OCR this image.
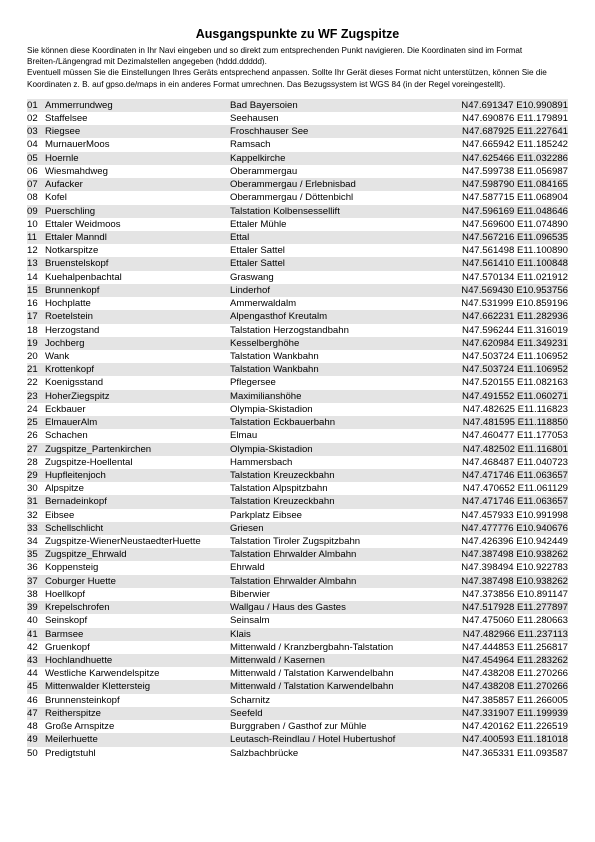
Ausgangspunkte zu WF Zugspitze

Sie können diese Koordinaten in Ihr Navi eingeben und so direkt zum entsprechenden Punkt navigieren. Die Koordinaten sind im Format Breiten-/Längengrad mit Dezimalstellen angegeben (hddd.ddddd).

Eventuell müssen Sie die Einstellungen Ihres Geräts entsprechend anpassen. Sollte Ihr Gerät dieses Format nicht unterstützen, können Sie die Koordinaten z. B. auf gpso.de/maps in ein anderes Format umrechnen. Das Bezugssystem ist WGS 84 (in der Regel voreingestellt).

01	Ammerrundweg	Bad Bayersoien	N47.691347 E10.990891
02	Staffelsee	Seehausen	N47.690876 E11.179891
03	Riegsee	Froschhauser See	N47.687925 E11.227641
04	MurnauerMoos	Ramsach	N47.665942 E11.185242
05	Hoernle	Kappelkirche	N47.625466 E11.032286
06	Wiesmahdweg	Oberammergau	N47.599738 E11.056987
07	Aufacker	Oberammergau / Erlebnisbad	N47.598790 E11.084165
08	Kofel	Oberammergau / Döttenbichl	N47.587715 E11.068904
09	Puerschling	Talstation Kolbensessellift	N47.596169 E11.048646
10	Ettaler Weidmoos	Ettaler Mühle	N47.569600 E11.074890
11	Ettaler Manndl	Ettal	N47.567216 E11.096535
12	Notkarspitze	Ettaler Sattel	N47.561498 E11.100890
13	Bruenstelskopf	Ettaler Sattel	N47.561410 E11.100848
14	Kuehalpenbachtal	Graswang	N47.570134 E11.021912
15	Brunnenkopf	Linderhof	N47.569430 E10.953756
16	Hochplatte	Ammerwaldalm	N47.531999 E10.859196
17	Roetelstein	Alpengasthof Kreutalm	N47.662231 E11.282936
18	Herzogstand	Talstation Herzogstandbahn	N47.596244 E11.316019
19	Jochberg	Kesselberghöhe	N47.620984 E11.349231
20	Wank	Talstation Wankbahn	N47.503724 E11.106952
21	Krottenkopf	Talstation Wankbahn	N47.503724 E11.106952
22	Koenigsstand	Pflegersee	N47.520155 E11.082163
23	HoherZiegspitz	Maximilianshöhe	N47.491552 E11.060271
24	Eckbauer	Olympia-Skistadion	N47.482625 E11.116823
25	ElmauerAlm	Talstation Eckbauerbahn	N47.481595 E11.118850
26	Schachen	Elmau	N47.460477 E11.177053
27	Zugspitze_Partenkirchen	Olympia-Skistadion	N47.482502 E11.116801
28	Zugspitze-Hoellental	Hammersbach	N47.468487 E11.040723
29	Hupfleitenjoch	Talstation Kreuzeckbahn	N47.471746 E11.063657
30	Alpspitze	Talstation Alpspitzbahn	N47.470652 E11.061129
31	Bernadeinkopf	Talstation Kreuzeckbahn	N47.471746 E11.063657
32	Eibsee	Parkplatz Eibsee	N47.457933 E10.991998
33	Schellschlicht	Griesen	N47.477776 E10.940676
34	Zugspitze-WienerNeustaedterHuette	Talstation Tiroler Zugspitzbahn	N47.426396 E10.942449
35	Zugspitze_Ehrwald	Talstation Ehrwalder Almbahn	N47.387498 E10.938262
36	Koppensteig	Ehrwald	N47.398494 E10.922783
37	Coburger Huette	Talstation Ehrwalder Almbahn	N47.387498 E10.938262
38	Hoellkopf	Biberwier	N47.373856 E10.891147
39	Krepelschrofen	Wallgau / Haus des Gastes	N47.517928 E11.277897
40	Seinskopf	Seinsalm	N47.475060 E11.280663
41	Barmsee	Klais	N47.482966 E11.237113
42	Gruenkopf	Mittenwald / Kranzbergbahn-Talstation	N47.444853 E11.256817
43	Hochlandhuette	Mittenwald / Kasernen	N47.454964 E11.283262
44	Westliche Karwendelspitze	Mittenwald / Talstation Karwendelbahn	N47.438208 E11.270266
45	Mittenwalder Klettersteig	Mittenwald / Talstation Karwendelbahn	N47.438208 E11.270266
46	Brunnensteinkopf	Scharnitz	N47.385857 E11.266005
47	Reitherspitze	Seefeld	N47.331907 E11.199939
48	Große Arnspitze	Burggraben / Gasthof zur Mühle	N47.420162 E11.226519
49	Meilerhuette	Leutasch-Reindlau / Hotel Hubertushof	N47.400593 E11.181018
50	Predigtstuhl	Salzbachbrücke	N47.365331 E11.093587
